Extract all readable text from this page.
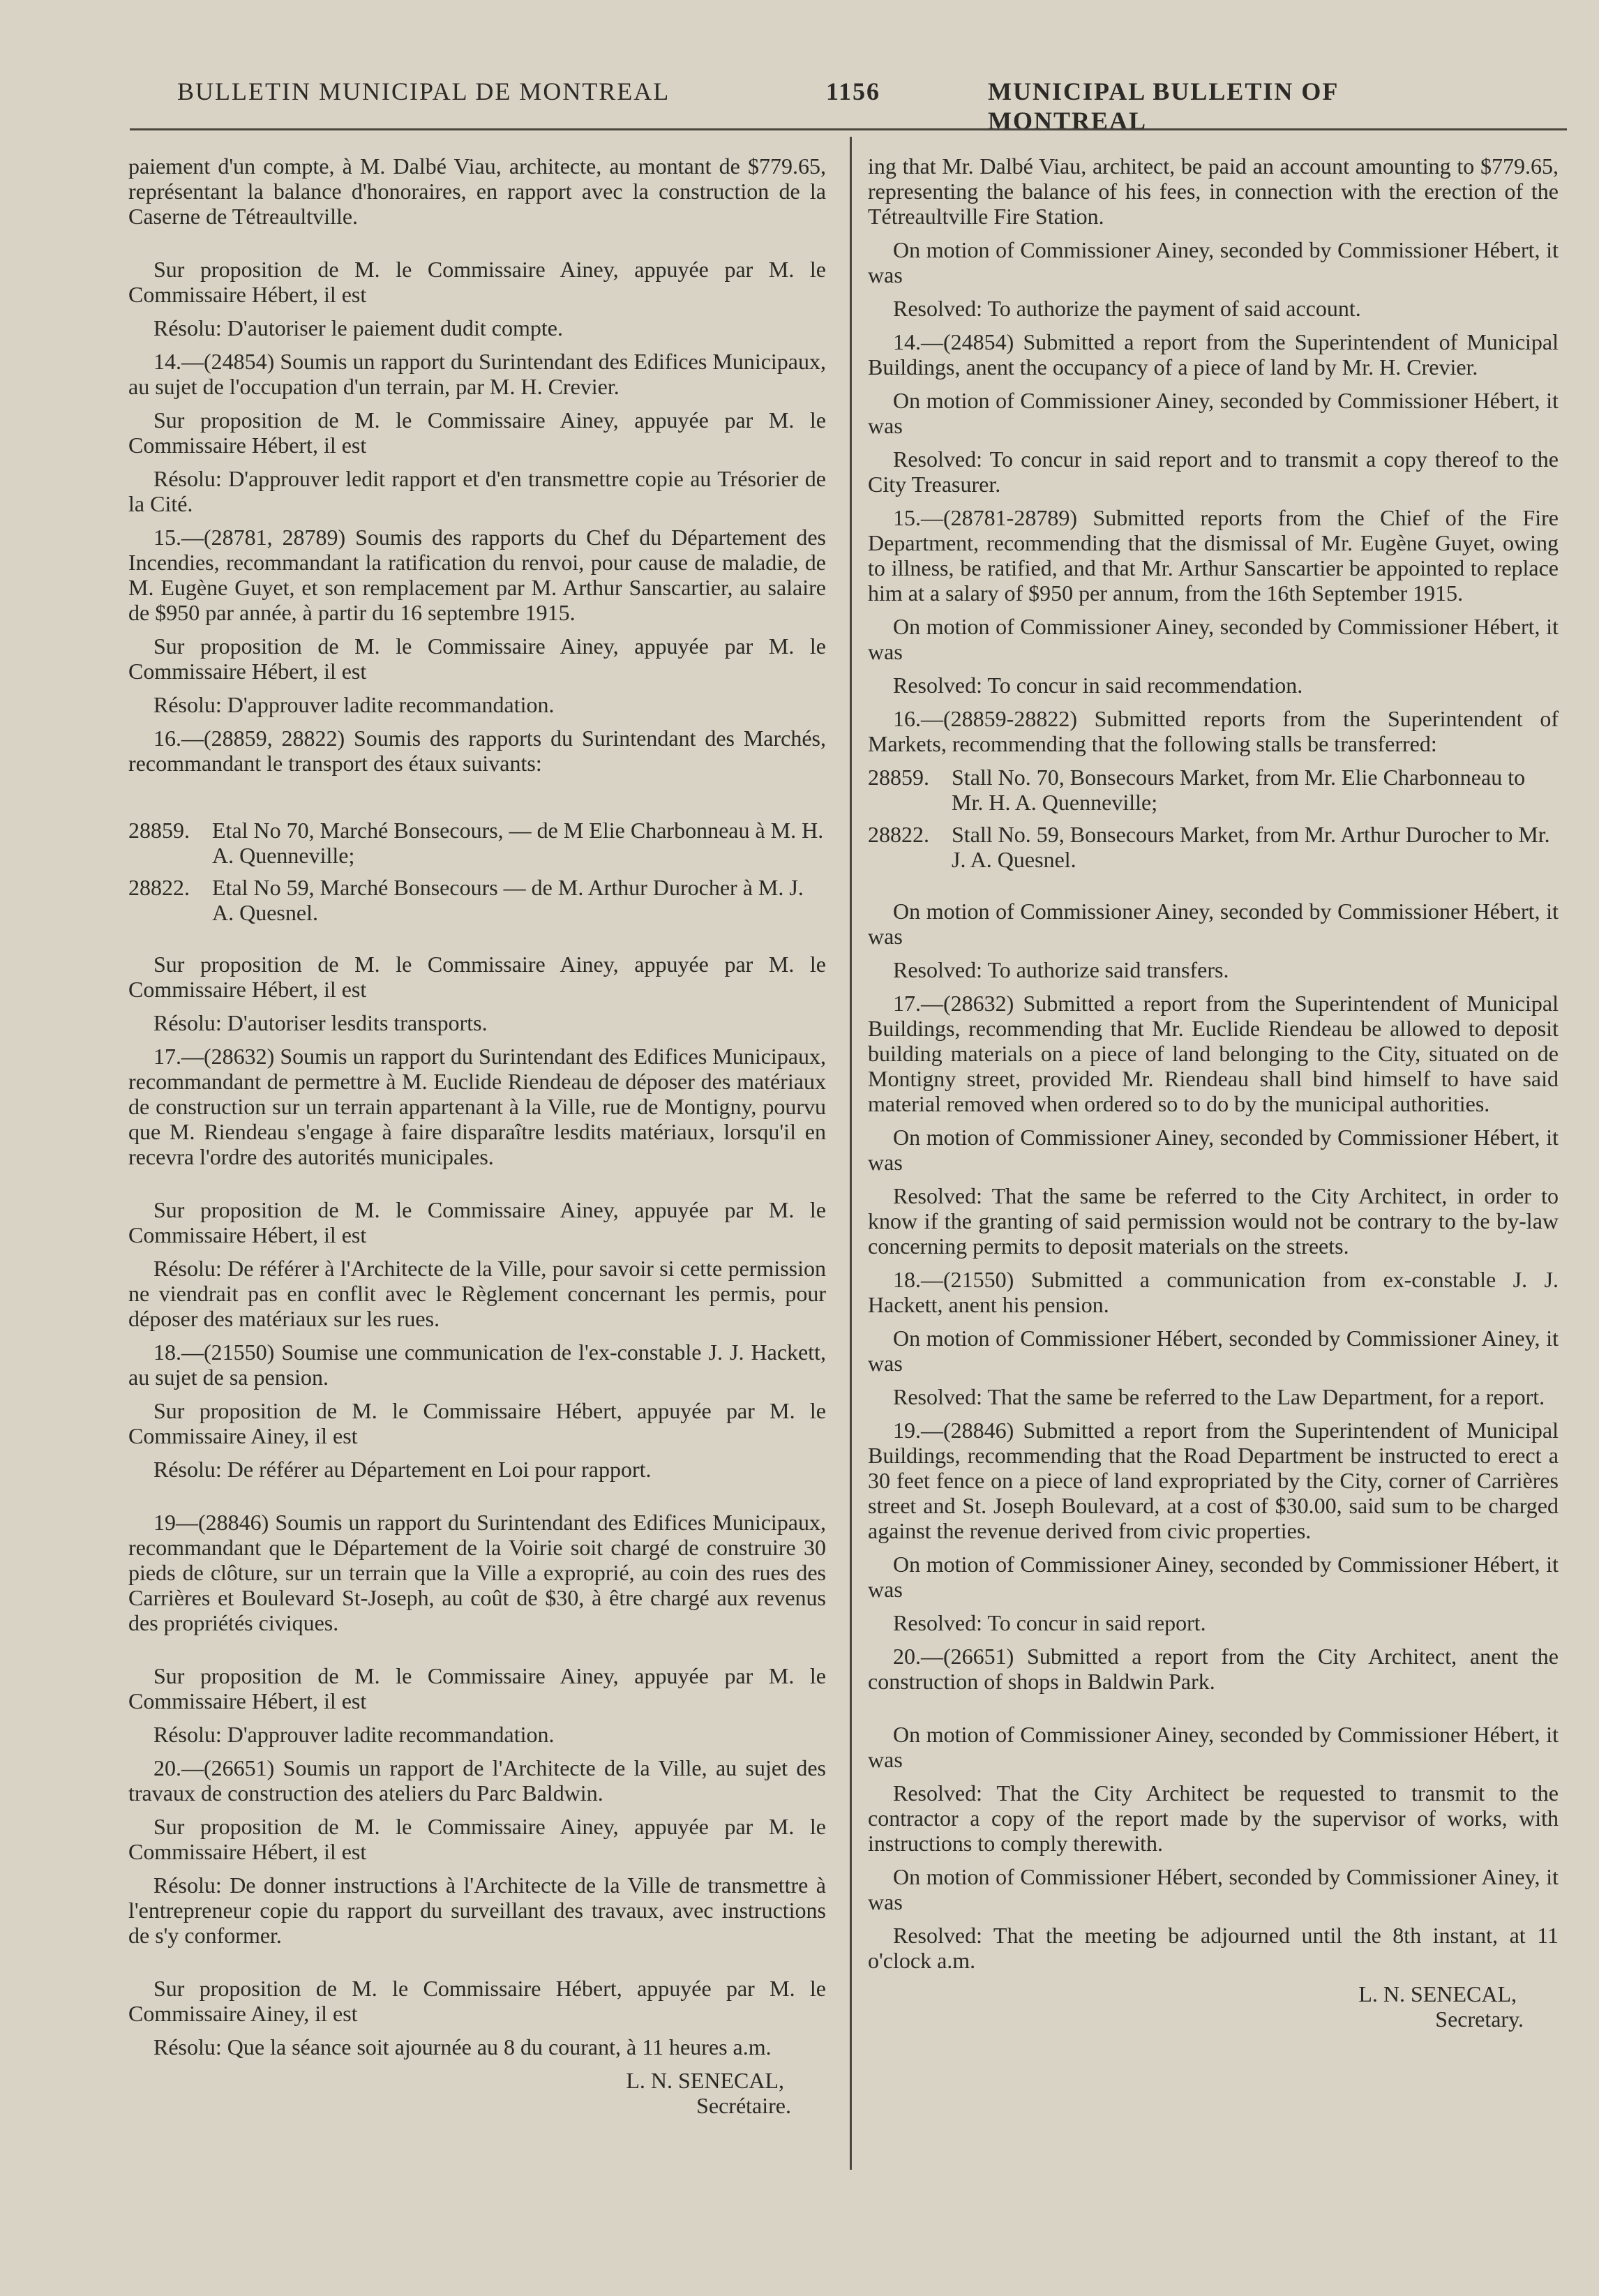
BULLETIN MUNICIPAL DE MONTREAL	1156	MUNICIPAL BULLETIN OF MONTREAL

paiement d'un compte, à M. Dalbé Viau, architecte, au montant de $779.65, représentant la balance d'honoraires, en rapport avec la construction de la Caserne de Tétreaultville.

Sur proposition de M. le Commissaire Ainey, appuyée par M. le Commissaire Hébert, il est

Résolu: D'autoriser le paiement dudit compte.

14.—(24854) Soumis un rapport du Surintendant des Edifices Municipaux, au sujet de l'occupation d'un terrain, par M. H. Crevier.

Sur proposition de M. le Commissaire Ainey, appuyée par M. le Commissaire Hébert, il est

Résolu: D'approuver ledit rapport et d'en transmettre copie au Trésorier de la Cité.

15.—(28781, 28789) Soumis des rapports du Chef du Département des Incendies, recommandant la ratification du renvoi, pour cause de maladie, de M. Eugène Guyet, et son remplacement par M. Arthur Sanscartier, au salaire de $950 par année, à partir du 16 septembre 1915.

Sur proposition de M. le Commissaire Ainey, appuyée par M. le Commissaire Hébert, il est

Résolu: D'approuver ladite recommandation.

16.—(28859, 28822) Soumis des rapports du Surintendant des Marchés, recommandant le transport des étaux suivants:

28859. Etal No 70, Marché Bonsecours, — de M Elie Charbonneau à M. H. A. Quenneville;

28822. Etal No 59, Marché Bonsecours — de M. Arthur Durocher à M. J. A. Quesnel.

Sur proposition de M. le Commissaire Ainey, appuyée par M. le Commissaire Hébert, il est

Résolu: D'autoriser lesdits transports.

17.—(28632) Soumis un rapport du Surintendant des Edifices Municipaux, recommandant de permettre à M. Euclide Riendeau de déposer des matériaux de construction sur un terrain appartenant à la Ville, rue de Montigny, pourvu que M. Riendeau s'engage à faire disparaître lesdits matériaux, lorsqu'il en recevra l'ordre des autorités municipales.

Sur proposition de M. le Commissaire Ainey, appuyée par M. le Commissaire Hébert, il est

Résolu: De référer à l'Architecte de la Ville, pour savoir si cette permission ne viendrait pas en conflit avec le Règlement concernant les permis, pour déposer des matériaux sur les rues.

18.—(21550) Soumise une communication de l'ex-constable J. J. Hackett, au sujet de sa pension.

Sur proposition de M. le Commissaire Hébert, appuyée par M. le Commissaire Ainey, il est

Résolu: De référer au Département en Loi pour rapport.

19—(28846) Soumis un rapport du Surintendant des Edifices Municipaux, recommandant que le Département de la Voirie soit chargé de construire 30 pieds de clôture, sur un terrain que la Ville a exproprié, au coin des rues des Carrières et Boulevard St-Joseph, au coût de $30, à être chargé aux revenus des propriétés civiques.

Sur proposition de M. le Commissaire Ainey, appuyée par M. le Commissaire Hébert, il est

Résolu: D'approuver ladite recommandation.

20.—(26651) Soumis un rapport de l'Architecte de la Ville, au sujet des travaux de construction des ateliers du Parc Baldwin.

Sur proposition de M. le Commissaire Ainey, appuyée par M. le Commissaire Hébert, il est

Résolu: De donner instructions à l'Architecte de la Ville de transmettre à l'entrepreneur copie du rapport du surveillant des travaux, avec instructions de s'y conformer.

Sur proposition de M. le Commissaire Hébert, appuyée par M. le Commissaire Ainey, il est

Résolu: Que la séance soit ajournée au 8 du courant, à 11 heures a.m.

L. N. SENECAL,
Secrétaire.

ing that Mr. Dalbé Viau, architect, be paid an account amounting to $779.65, representing the balance of his fees, in connection with the erection of the Tétreaultville Fire Station.

On motion of Commissioner Ainey, seconded by Commissioner Hébert, it was

Resolved: To authorize the payment of said account.

14.—(24854) Submitted a report from the Superintendent of Municipal Buildings, anent the occupancy of a piece of land by Mr. H. Crevier.

On motion of Commissioner Ainey, seconded by Commissioner Hébert, it was

Resolved: To concur in said report and to transmit a copy thereof to the City Treasurer.

15.—(28781-28789) Submitted reports from the Chief of the Fire Department, recommending that the dismissal of Mr. Eugène Guyet, owing to illness, be ratified, and that Mr. Arthur Sanscartier be appointed to replace him at a salary of $950 per annum, from the 16th September 1915.

On motion of Commissioner Ainey, seconded by Commissioner Hébert, it was

Resolved: To concur in said recommendation.

16.—(28859-28822) Submitted reports from the Superintendent of Markets, recommending that the following stalls be transferred:

28859. Stall No. 70, Bonsecours Market, from Mr. Elie Charbonneau to Mr. H. A. Quenneville;

28822. Stall No. 59, Bonsecours Market, from Mr. Arthur Durocher to Mr. J. A. Quesnel.

On motion of Commissioner Ainey, seconded by Commissioner Hébert, it was

Resolved: To authorize said transfers.

17.—(28632) Submitted a report from the Superintendent of Municipal Buildings, recommending that Mr. Euclide Riendeau be allowed to deposit building materials on a piece of land belonging to the City, situated on de Montigny street, provided Mr. Riendeau shall bind himself to have said material removed when ordered so to do by the municipal authorities.

On motion of Commissioner Ainey, seconded by Commissioner Hébert, it was

Resolved: That the same be referred to the City Architect, in order to know if the granting of said permission would not be contrary to the by-law concerning permits to deposit materials on the streets.

18.—(21550) Submitted a communication from ex-constable J. J. Hackett, anent his pension.

On motion of Commissioner Hébert, seconded by Commissioner Ainey, it was

Resolved: That the same be referred to the Law Department, for a report.

19.—(28846) Submitted a report from the Superintendent of Municipal Buildings, recommending that the Road Department be instructed to erect a 30 feet fence on a piece of land expropriated by the City, corner of Carrières street and St. Joseph Boulevard, at a cost of $30.00, said sum to be charged against the revenue derived from civic properties.

On motion of Commissioner Ainey, seconded by Commissioner Hébert, it was

Resolved: To concur in said report.

20.—(26651) Submitted a report from the City Architect, anent the construction of shops in Baldwin Park.

On motion of Commissioner Ainey, seconded by Commissioner Hébert, it was

Resolved: That the City Architect be requested to transmit to the contractor a copy of the report made by the supervisor of works, with instructions to comply therewith.

On motion of Commissioner Hébert, seconded by Commissioner Ainey, it was

Resolved: That the meeting be adjourned until the 8th instant, at 11 o'clock a.m.

L. N. SENECAL,
Secretary.
